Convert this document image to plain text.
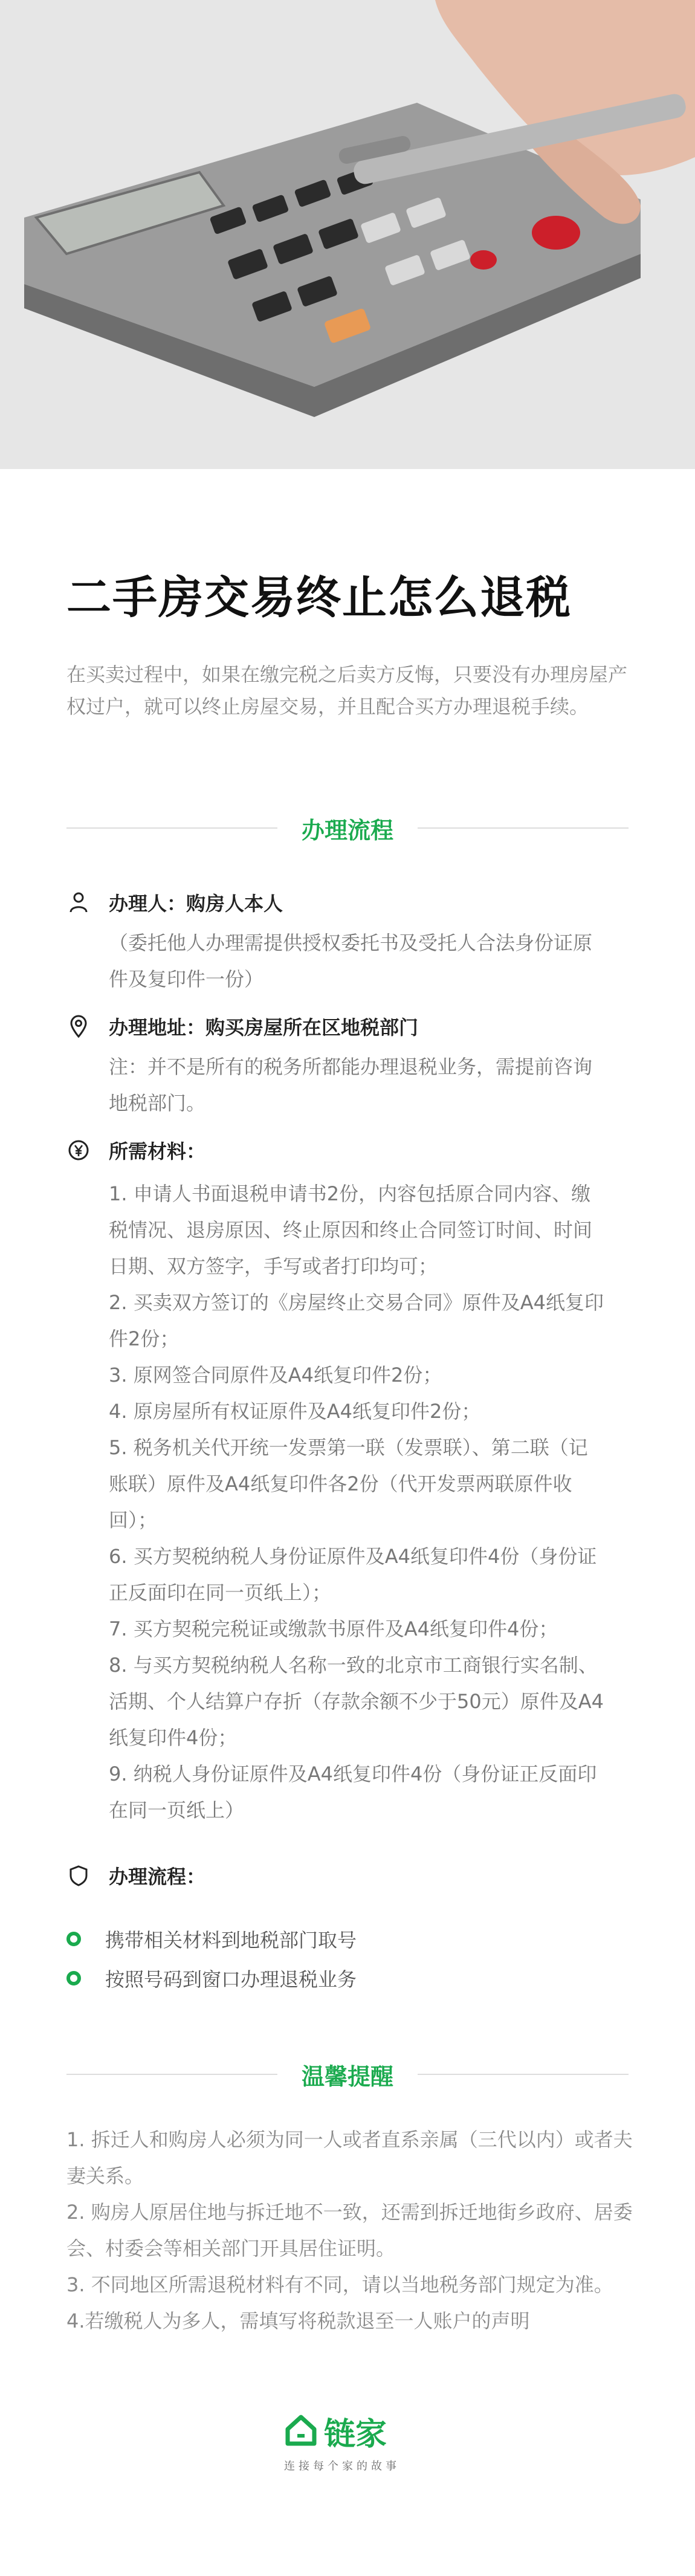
二手房交易终止怎么退税
在买卖过程中，如果在缴完税之后卖方反悔，只要没有办理房屋产权过户，就可以终止房屋交易，并且配合买方办理退税手续。
办理流程
办理人：购房人本人
（委托他人办理需提供授权委托书及受托人合法身份证原件及复印件一份）
办理地址：购买房屋所在区地税部门
注：并不是所有的税务所都能办理退税业务，需提前咨询地税部门。
所需材料：
1. 申请人书面退税申请书2份，内容包括原合同内容、缴税情况、退房原因、终止原因和终止合同签订时间、时间日期、双方签字，手写或者打印均可；
2. 买卖双方签订的《房屋终止交易合同》原件及A4纸复印件2份；
3. 原网签合同原件及A4纸复印件2份；
4. 原房屋所有权证原件及A4纸复印件2份；
5. 税务机关代开统一发票第一联（发票联）、第二联（记账联）原件及A4纸复印件各2份（代开发票两联原件收回）；
6. 买方契税纳税人身份证原件及A4纸复印件4份（身份证正反面印在同一页纸上）；
7. 买方契税完税证或缴款书原件及A4纸复印件4份；
8. 与买方契税纳税人名称一致的北京市工商银行实名制、活期、个人结算户存折（存款余额不少于50元）原件及A4纸复印件4份；
9. 纳税人身份证原件及A4纸复印件4份（身份证正反面印在同一页纸上）
办理流程：
携带相关材料到地税部门取号
按照号码到窗口办理退税业务
温馨提醒
1. 拆迁人和购房人必须为同一人或者直系亲属（三代以内）或者夫妻关系。
2. 购房人原居住地与拆迁地不一致，还需到拆迁地街乡政府、居委会、村委会等相关部门开具居住证明。
3. 不同地区所需退税材料有不同，请以当地税务部门规定为准。
4.若缴税人为多人，需填写将税款退至一人账户的声明
链家
连接每个家的故事
